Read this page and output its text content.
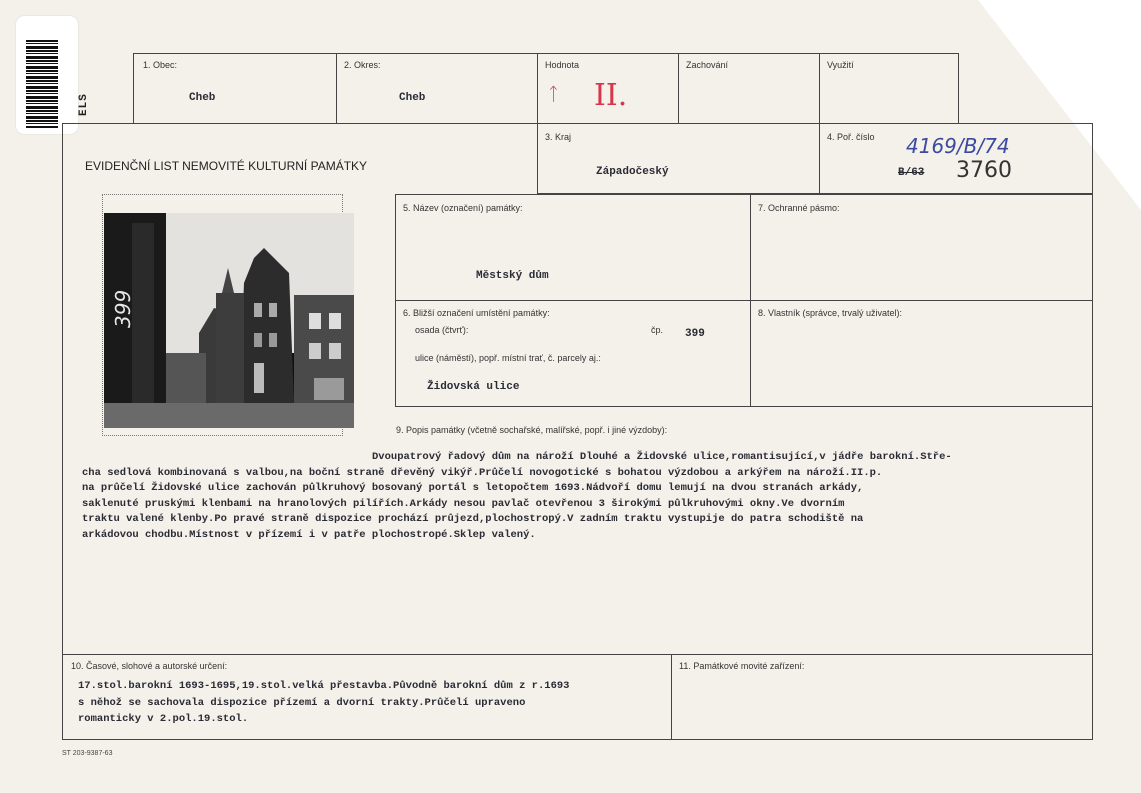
ELS
1. Obec:
Cheb
2. Okres:
Cheb
Hodnota
ᛏ II.
Zachování	Využití
EVIDENČNÍ LIST NEMOVITÉ KULTURNÍ PAMÁTKY
3. Kraj
Západočeský
4. Poř. číslo 4169/B/74
B/63 3760
399
5. Název (označení) památky:
Městský dům
7. Ochranné pásmo:
6. Bližší označení umístění památky:
osada (čtvrť):	čp. 399
ulice (náměstí), popř. místní trať, č. parcely aj.:
Židovská ulice
8. Vlastník (správce, trvalý uživatel):
9. Popis památky (včetně sochařské, malířské, popř. i jiné výzdoby):
Dvoupatrový řadový dům na nároží Dlouhé a Židovské ulice,romantisující,v jádře barokní.Stře-
cha sedlová kombinovaná s valbou,na boční straně dřevěný vikýř.Průčelí novogotické s bohatou výzdobou a arkýřem na nároží.II.p.
na průčelí Židovské ulice zachován půlkruhový bosovaný portál s letopočtem 1693.Nádvoří domu lemují na dvou stranách arkády,
saklenuté pruskými klenbami na hranolových pilířích.Arkády nesou pavlač otevřenou 3 širokými půlkruhovými okny.Ve dvorním
traktu valené klenby.Po pravé straně dispozice prochází průjezd,plochostropý.V zadním traktu vystupije do patra schodiště na
arkádovou chodbu.Místnost v přízemí i v patře plochostropé.Sklep valený.
10. Časové, slohové a autorské určení:
17.stol.barokní 1693-1695,19.stol.velká přestavba.Původně barokní dům z r.1693
s něhož se sachovala dispozice přízemí a dvorní trakty.Průčelí upraveno
romanticky v 2.pol.19.stol.
11. Památkové movité zařízení:
ST 203-9387-63
